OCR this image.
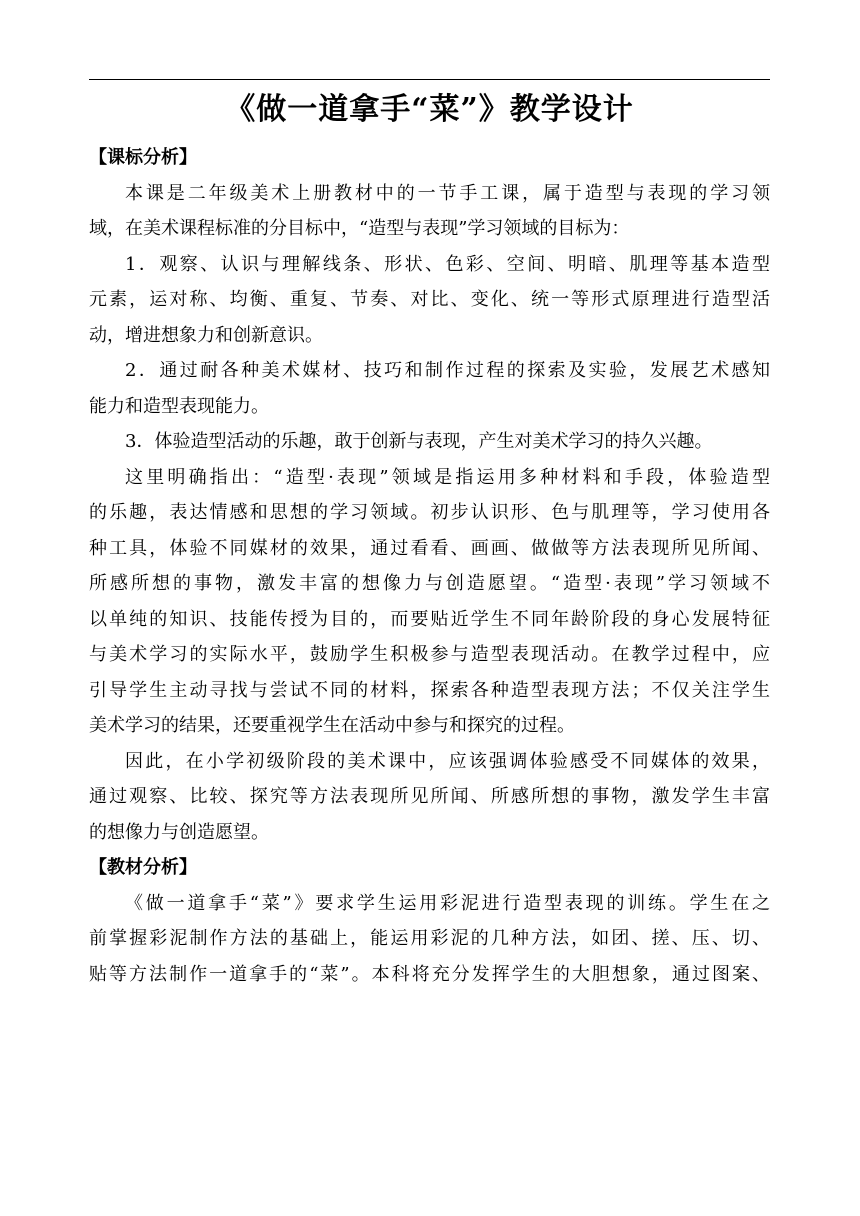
《做一道拿手“菜”》教学设计

【课标分析】

本课是二年级美术上册教材中的一节手工课，属于造型与表现的学习领
域，在美术课程标准的分目标中，“造型与表现”学习领域的目标为：
1．观察、认识与理解线条、形状、色彩、空间、明暗、肌理等基本造型
元素，运对称、均衡、重复、节奏、对比、变化、统一等形式原理进行造型活
动，增进想象力和创新意识。
2．通过耐各种美术媒材、技巧和制作过程的探索及实验，发展艺术感知
能力和造型表现能力。
3．体验造型活动的乐趣，敢于创新与表现，产生对美术学习的持久兴趣。
这里明确指出：“造型·表现”领域是指运用多种材料和手段，体验造型
的乐趣，表达情感和思想的学习领域。初步认识形、色与肌理等，学习使用各
种工具，体验不同媒材的效果，通过看看、画画、做做等方法表现所见所闻、
所感所想的事物，激发丰富的想像力与创造愿望。“造型·表现”学习领域不
以单纯的知识、技能传授为目的，而要贴近学生不同年龄阶段的身心发展特征
与美术学习的实际水平，鼓励学生积极参与造型表现活动。在教学过程中，应
引导学生主动寻找与尝试不同的材料，探索各种造型表现方法；不仅关注学生
美术学习的结果，还要重视学生在活动中参与和探究的过程。
因此，在小学初级阶段的美术课中，应该强调体验感受不同媒体的效果，
通过观察、比较、探究等方法表现所见所闻、所感所想的事物，激发学生丰富
的想像力与创造愿望。

【教材分析】

《做一道拿手“菜”》要求学生运用彩泥进行造型表现的训练。学生在之
前掌握彩泥制作方法的基础上，能运用彩泥的几种方法，如团、搓、压、切、
贴等方法制作一道拿手的“菜”。本科将充分发挥学生的大胆想象，通过图案、
